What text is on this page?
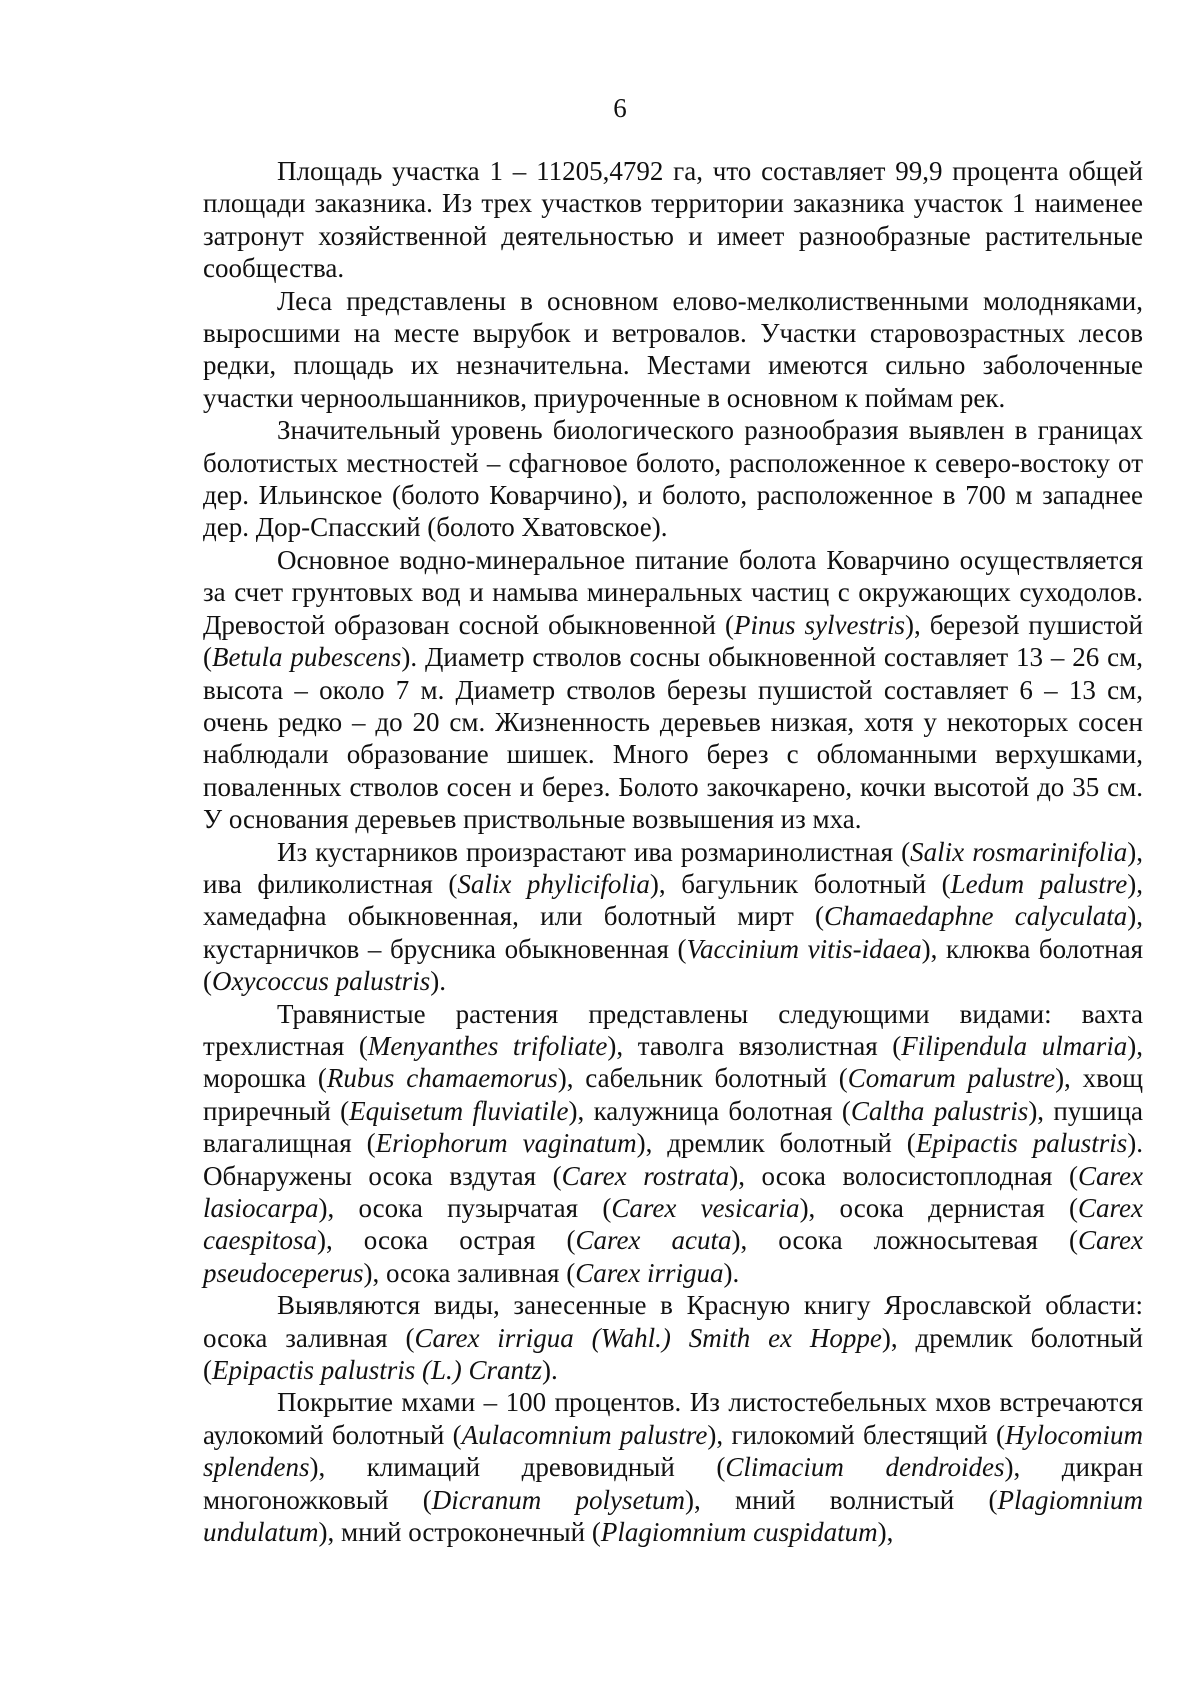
6

Площадь участка 1 – 11205,4792 га, что составляет 99,9 процента общей площади заказника. Из трех участков территории заказника участок 1 наименее затронут хозяйственной деятельностью и имеет разнообразные растительные сообщества.

Леса представлены в основном елово-мелколиственными молодняками, выросшими на месте вырубок и ветровалов. Участки старовозрастных лесов редки, площадь их незначительна. Местами имеются сильно заболоченные участки черноольшанников, приуроченные в основном к поймам рек.

Значительный уровень биологического разнообразия выявлен в границах болотистых местностей – сфагновое болото, расположенное к северо-востоку от дер. Ильинское (болото Коварчино), и болото, расположенное в 700 м западнее дер. Дор-Спасский (болото Хватовское).

Основное водно-минеральное питание болота Коварчино осуществляется за счет грунтовых вод и намыва минеральных частиц с окружающих суходолов. Древостой образован сосной обыкновенной (Pinus sylvestris), березой пушистой (Betula pubescens). Диаметр стволов сосны обыкновенной составляет 13 – 26 см, высота – около 7 м. Диаметр стволов березы пушистой составляет 6 – 13 см, очень редко – до 20 см. Жизненность деревьев низкая, хотя у некоторых сосен наблюдали образование шишек. Много берез с обломанными верхушками, поваленных стволов сосен и берез. Болото закочкарено, кочки высотой до 35 см. У основания деревьев приствольные возвышения из мха.

Из кустарников произрастают ива розмаринолистная (Salix rosmarinifolia), ива филиколистная (Salix phylicifolia), багульник болотный (Ledum palustre), хамедафна обыкновенная, или болотный мирт (Chamaedaphne calyculata), кустарничков – брусника обыкновенная (Vaccinium vitis-idaea), клюква болотная (Oxycoccus palustris).

Травянистые растения представлены следующими видами: вахта трехлистная (Menyanthes trifoliate), таволга вязолистная (Filipendula ulmaria), морошка (Rubus chamaemorus), сабельник болотный (Comarum palustre), хвощ приречный (Equisetum fluviatile), калужница болотная (Caltha palustris), пушица влагалищная (Eriophorum vaginatum), дремлик болотный (Epipactis palustris). Обнаружены осока вздутая (Carex rostrata), осока волосистоплодная (Carex lasiocarpa), осока пузырчатая (Carex vesicaria), осока дернистая (Carex caespitosa), осока острая (Carex acuta), осока ложносытевая (Carex pseudoceperus), осока заливная (Carex irrigua).

Выявляются виды, занесенные в Красную книгу Ярославской области: осока заливная (Carex irrigua (Wahl.) Smith ex Hoppe), дремлик болотный (Epipactis palustris (L.) Crantz).

Покрытие мхами – 100 процентов. Из листостебельных мхов встречаются аулокомий болотный (Aulacomnium palustre), гилокомий блестящий (Hylocomium splendens), климаций древовидный (Climacium dendroides), дикран многоножковый (Dicranum polysetum), мний волнистый (Plagiomnium undulatum), мний остроконечный (Plagiomnium cuspidatum),
